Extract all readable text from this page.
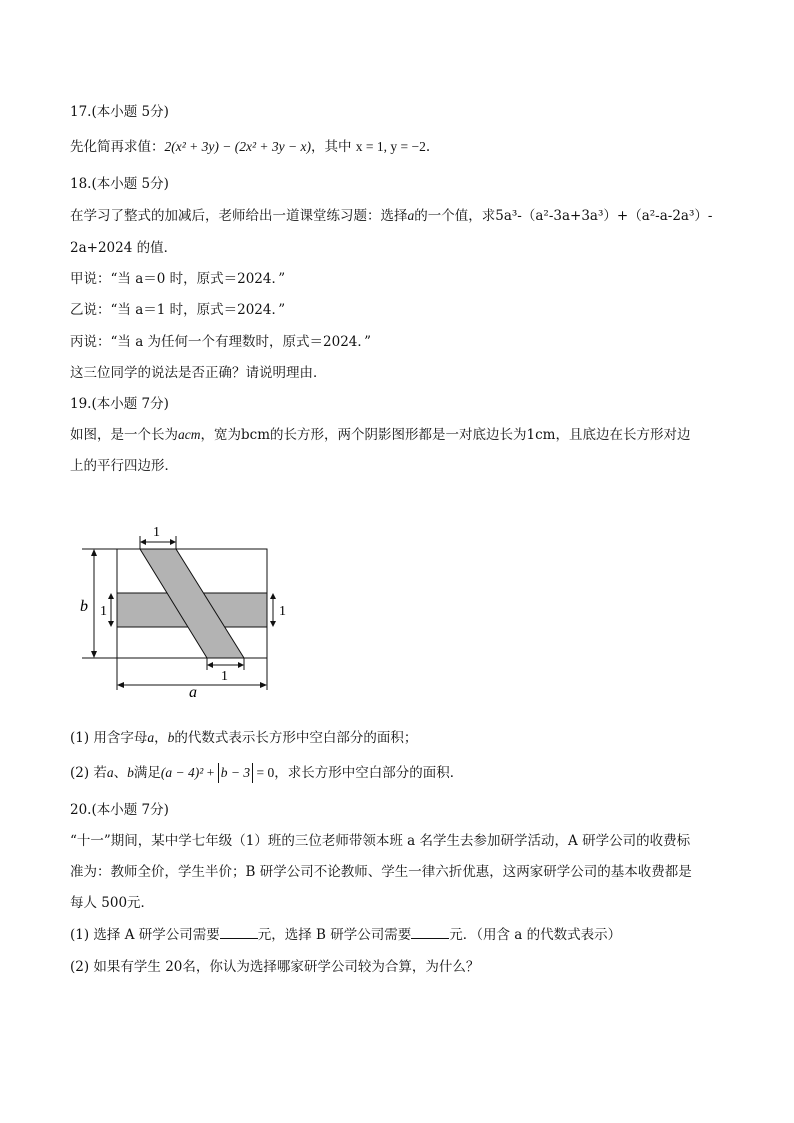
17.(本小题 5分)
先化简再求值：2(x² + 3y) − (2x² + 3y − x)，其中 x = 1, y = −2.
18.(本小题 5分)
在学习了整式的加减后，老师给出一道课堂练习题：选择a的一个值，求5a³-（a²-3a+3a³）+（a²-a-2a³）-
2a+2024 的值．
甲说：“当 a＝0 时，原式＝2024．”
乙说：“当 a＝1 时，原式＝2024．”
丙说：“当 a 为任何一个有理数时，原式＝2024．”
这三位同学的说法是否正确？请说明理由．
19.(本小题 7分)
如图，是一个长为acm，宽为bcm的长方形，两个阴影图形都是一对底边长为1cm，且底边在长方形对边
上的平行四边形．
b 1	1
1
1
a
(1) 用含字母a，b的代数式表示长方形中空白部分的面积；
(2) 若a、b满足(a − 4)² + b − 3 = 0，求长方形中空白部分的面积．
20.(本小题 7分)
“十一”期间，某中学七年级（1）班的三位老师带领本班 a 名学生去参加研学活动，A 研学公司的收费标
准为：教师全价，学生半价；B 研学公司不论教师、学生一律六折优惠，这两家研学公司的基本收费都是
每人 500元．
(1) 选择 A 研学公司需要	元，选择 B 研学公司需要	元．（用含 a 的代数式表示）
(2) 如果有学生 20名，你认为选择哪家研学公司较为合算，为什么？
